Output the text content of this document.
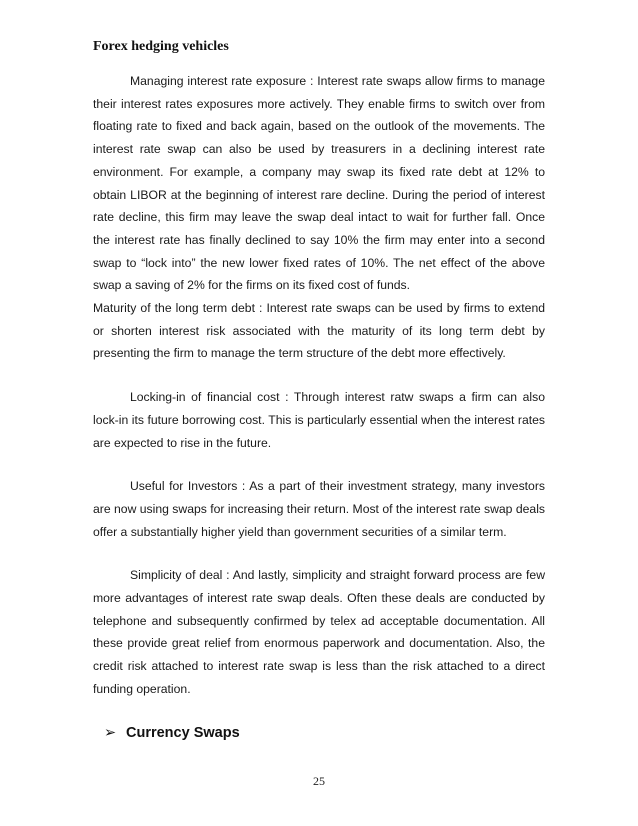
Forex hedging vehicles

Managing interest rate exposure : Interest rate swaps allow firms to manage their interest rates exposures more actively. They enable firms to switch over from floating rate to fixed and back again, based on the outlook of the movements. The interest rate swap can also be used by treasurers in a declining interest rate environment. For example, a company may swap its fixed rate debt at 12% to obtain LIBOR at the beginning of interest rare decline. During the period of interest rate decline, this firm may leave the swap deal intact to wait for further fall. Once the interest rate has finally declined to say 10% the firm may enter into a second swap to “lock into” the new lower fixed rates of 10%. The net effect of the above swap a saving of 2% for the firms on its fixed cost of funds.

Maturity of the long term debt : Interest rate swaps can be used by firms to extend or shorten interest risk associated with the maturity of its long term debt by presenting the firm to manage the term structure of the debt more effectively.

Locking-in of financial cost : Through interest ratw swaps a firm can also lock-in its future borrowing cost. This is particularly essential when the interest rates are expected to rise in the future.

Useful for Investors : As a part of their investment strategy, many investors are now using swaps for increasing their return. Most of the interest rate swap deals offer a substantially higher yield than government securities of a similar term.

Simplicity of deal : And lastly, simplicity and straight forward process are few more advantages of interest rate swap deals. Often these deals are conducted by telephone and subsequently confirmed by telex ad acceptable documentation. All these provide great relief from enormous paperwork and documentation. Also, the credit risk attached to interest rate swap is less than the risk attached to a direct funding operation.

➢ Currency Swaps
25
